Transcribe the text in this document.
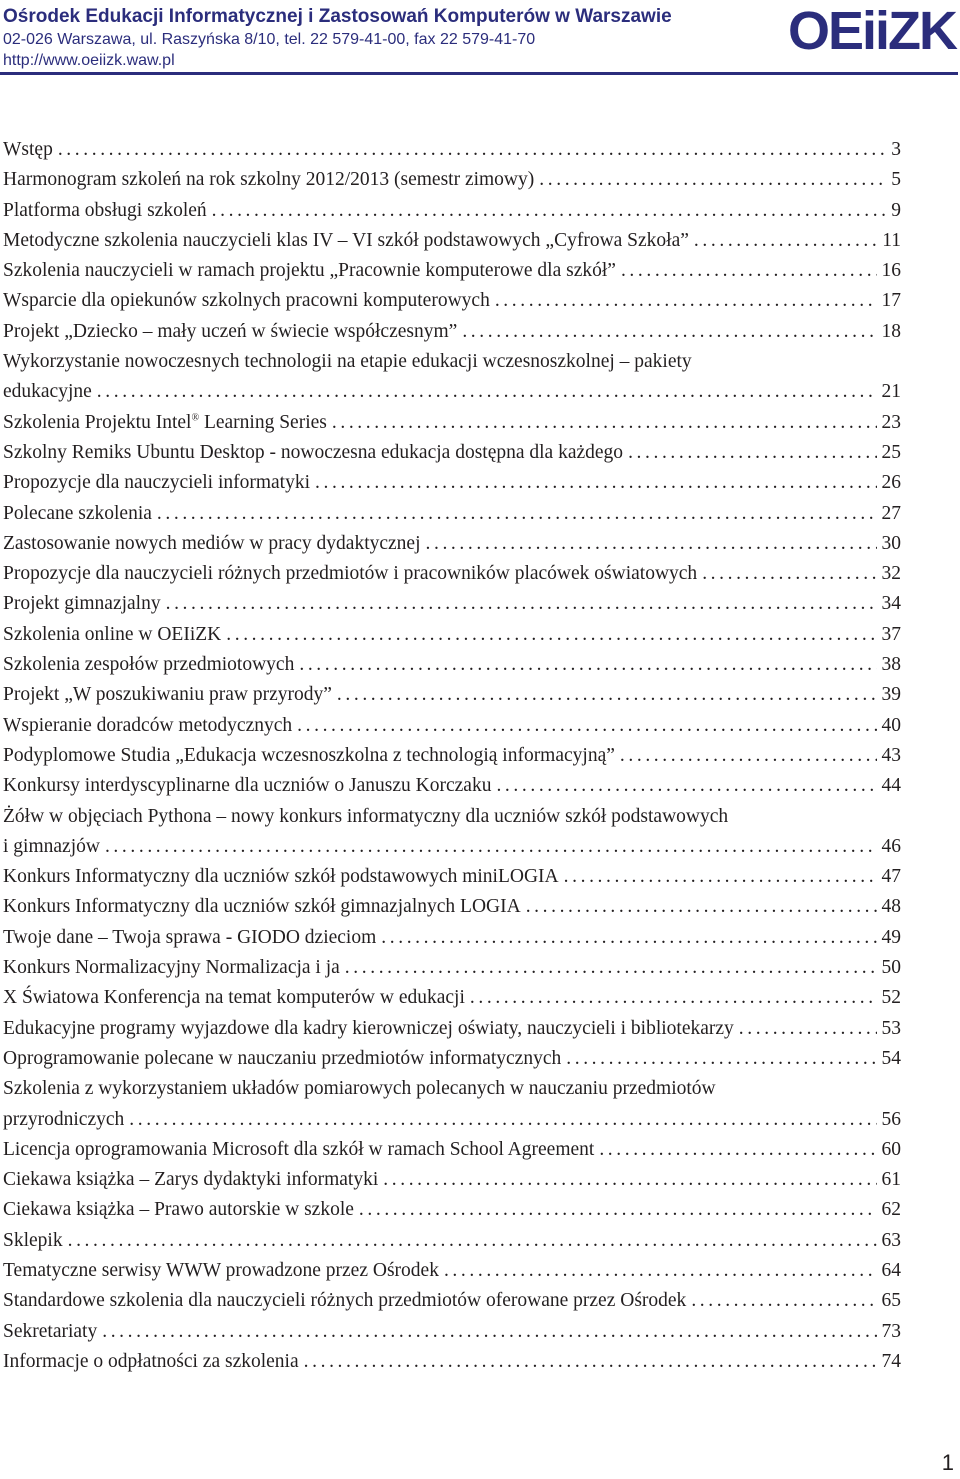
Ośrodek Edukacji Informatycznej i Zastosowań Komputerów w Warszawie
02-026 Warszawa, ul. Raszyńska 8/10, tel. 22 579-41-00, fax 22 579-41-70
http://www.oeiizk.waw.pl	OEiiZK
Wstęp .....	3
Harmonogram szkoleń na rok szkolny 2012/2013 (semestr zimowy) .....	5
Platforma obsługi szkoleń .....	9
Metodyczne szkolenia nauczycieli klas IV – VI szkół podstawowych „Cyfrowa Szkoła” .....	11
Szkolenia nauczycieli w ramach projektu „Pracownie komputerowe dla szkół” .....	16
Wsparcie dla opiekunów szkolnych pracowni komputerowych .....	17
Projekt „Dziecko – mały uczeń w świecie współczesnym” .....	18
Wykorzystanie nowoczesnych technologii na etapie edukacji wczesnoszkolnej – pakiety
edukacyjne .....	21
Szkolenia Projektu Intel® Learning Series .....	23
Szkolny Remiks Ubuntu Desktop - nowoczesna edukacja dostępna dla każdego .....	25
Propozycje dla nauczycieli informatyki .....	26
Polecane szkolenia .....	27
Zastosowanie nowych mediów w pracy dydaktycznej .....	30
Propozycje dla nauczycieli różnych przedmiotów i pracowników placówek oświatowych .....	32
Projekt gimnazjalny .....	34
Szkolenia online w OEIiZK .....	37
Szkolenia zespołów przedmiotowych .....	38
Projekt „W poszukiwaniu praw przyrody” .....	39
Wspieranie doradców metodycznych .....	40
Podyplomowe Studia „Edukacja wczesnoszkolna z technologią informacyjną” .....	43
Konkursy interdyscyplinarne dla uczniów o Januszu Korczaku .....	44
Żółw w objęciach Pythona – nowy konkurs informatyczny dla uczniów szkół podstawowych
i gimnazjów .....	46
Konkurs Informatyczny dla uczniów szkół podstawowych miniLOGIA .....	47
Konkurs Informatyczny dla uczniów szkół gimnazjalnych LOGIA .....	48
Twoje dane – Twoja sprawa - GIODO dzieciom .....	49
Konkurs Normalizacyjny Normalizacja i ja .....	50
X Światowa Konferencja na temat komputerów w edukacji .....	52
Edukacyjne programy wyjazdowe dla kadry kierowniczej oświaty, nauczycieli i bibliotekarzy .....	53
Oprogramowanie polecane w nauczaniu przedmiotów informatycznych .....	54
Szkolenia z wykorzystaniem układów pomiarowych polecanych w nauczaniu przedmiotów
przyrodniczych .....	56
Licencja oprogramowania Microsoft dla szkół w ramach School Agreement .....	60
Ciekawa książka – Zarys dydaktyki informatyki .....	61
Ciekawa książka – Prawo autorskie w szkole .....	62
Sklepik .....	63
Tematyczne serwisy WWW prowadzone przez Ośrodek .....	64
Standardowe szkolenia dla nauczycieli różnych przedmiotów oferowane przez Ośrodek .....	65
Sekretariaty .....	73
Informacje o odpłatności za szkolenia .....	74
1
